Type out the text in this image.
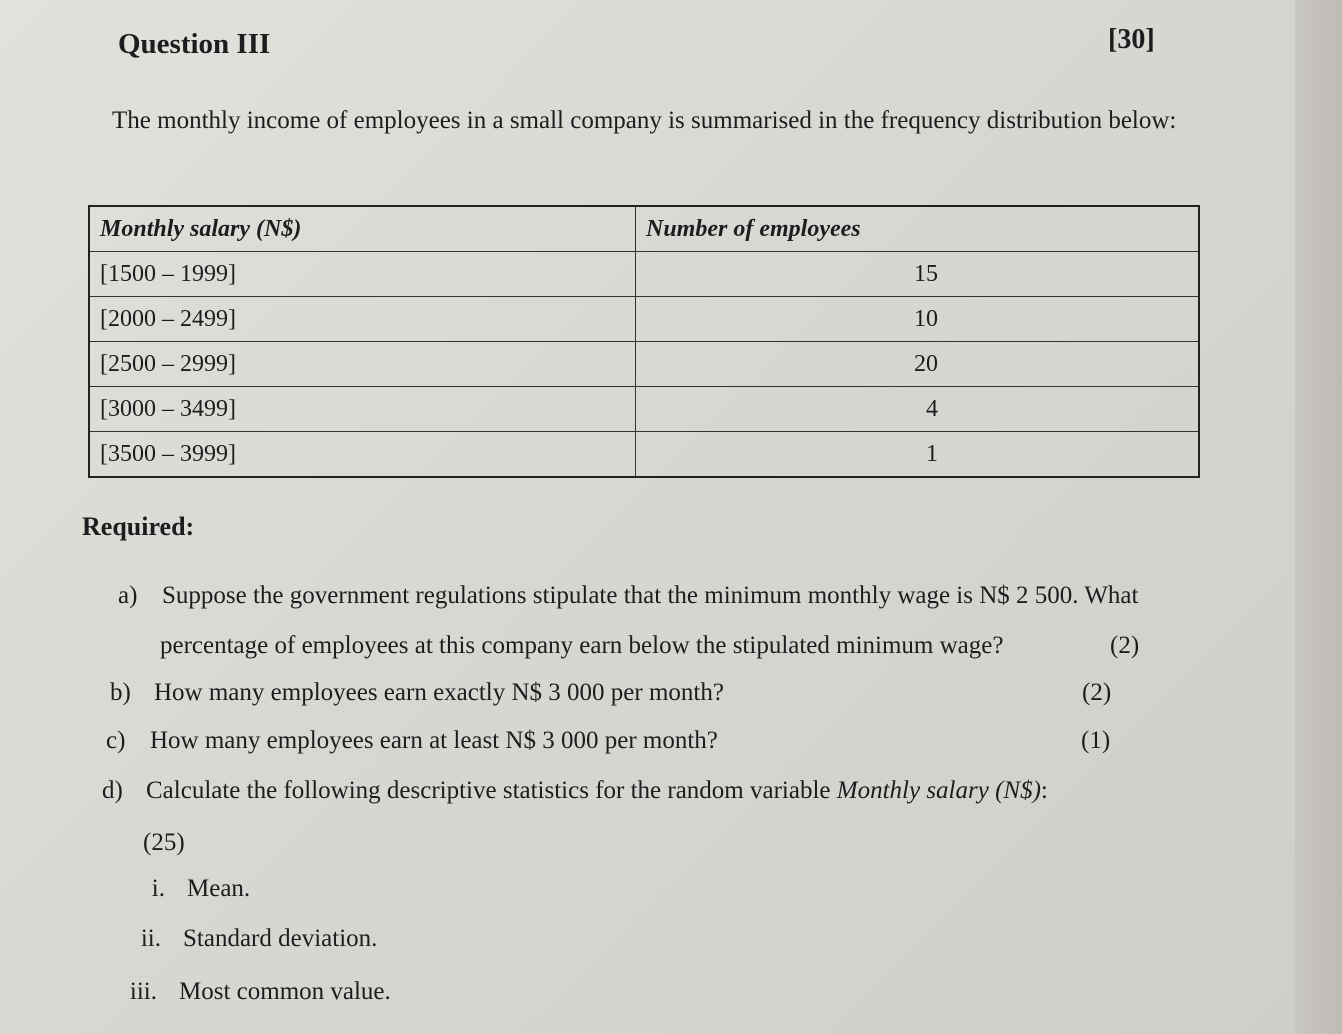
Question III	[30]
The monthly income of employees in a small company is summarised in the frequency distribution below:
Monthly salary (N$)	Number of employees
[1500 – 1999]	15
[2000 – 2499]	10
[2500 – 2999]	20
[3000 – 3499]	4
[3500 – 3999]	1
Required:
a) Suppose the government regulations stipulate that the minimum monthly wage is N$ 2 500. What
percentage of employees at this company earn below the stipulated minimum wage?	(2)
b) How many employees earn exactly N$ 3 000 per month?	(2)
c) How many employees earn at least N$ 3 000 per month?	(1)
d) Calculate the following descriptive statistics for the random variable Monthly salary (N$):
(25)
i. Mean.
ii. Standard deviation.
iii. Most common value.
